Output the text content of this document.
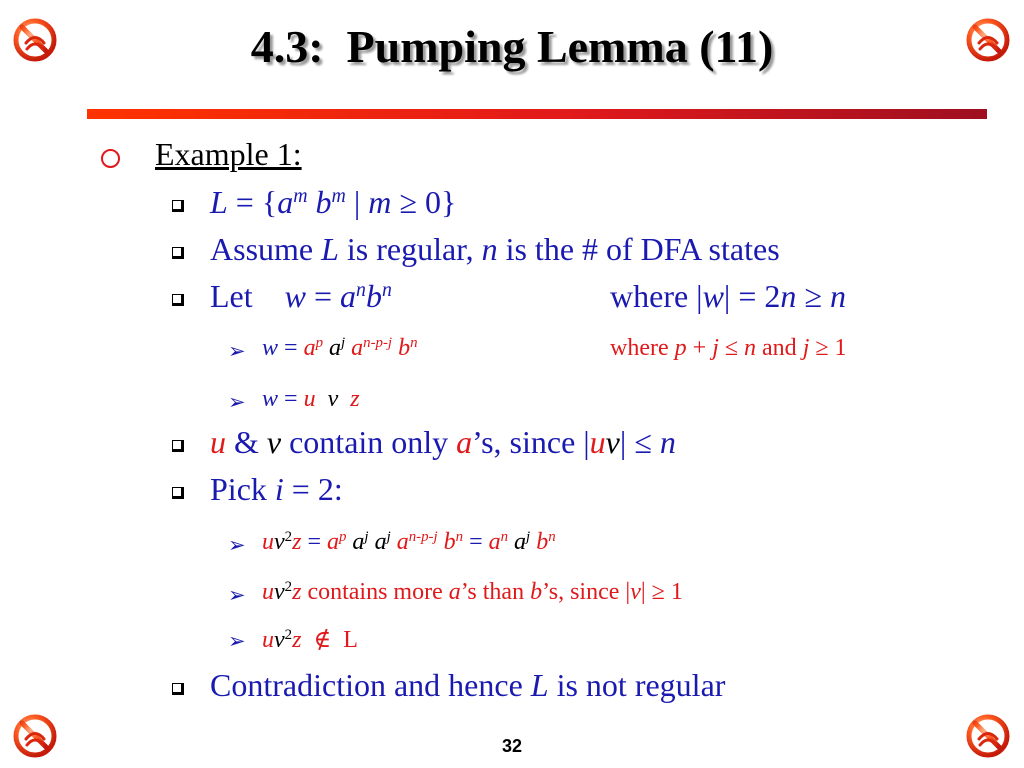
4.3:  Pumping Lemma (11)
Example 1:
➢
➢
➢
➢
➢
$L = \{a^m$ $b^m$ | m ≥ 0}
Assume L is regular, n is the # of DFA states
Let    $w = a^nb^n$	where |w| = 2n ≥ n
$w = a^p$ $a^j$ $a^{n-p-j}$ $b^n$	where p + j ≤ n and j ≥ 1
w = u v z
u & v contain only a’s, since |uv| ≤ n
Pick i = 2:
$uv^2z = a^p$ $a^j$ $a^j$ $a^{n-p-j}$ $b^n = a^n$ $a^j$ $b^n$
$uv^2z$ contains more a’s than b’s, since |v| ≥ 1
$uv^2z$  ∉  L
Contradiction and hence L is not regular
32
